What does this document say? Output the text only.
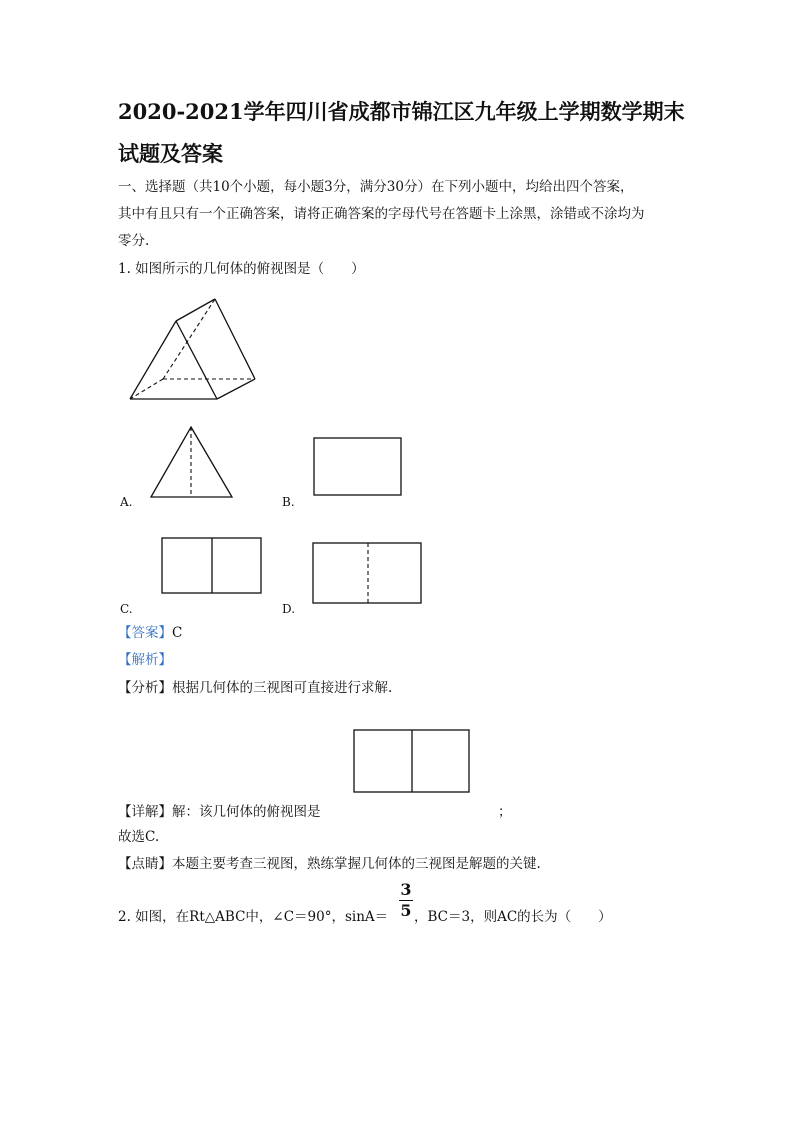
2020-2021学年四川省成都市锦江区九年级上学期数学期末
试题及答案
一、选择题（共10个小题，每小题3分，满分30分）在下列小题中，均给出四个答案，
其中有且只有一个正确答案，请将正确答案的字母代号在答题卡上涂黑，涂错或不涂均为
零分.
1. 如图所示的几何体的俯视图是（　　）
A.	B.
C.	D.
【答案】C
【解析】
【分析】根据几何体的三视图可直接进行求解.
【详解】解：该几何体的俯视图是	；
故选C.
【点睛】本题主要考查三视图，熟练掌握几何体的三视图是解题的关键.
2. 如图，在Rt△ABC中，∠C＝90°，sinA＝
3
5 ，BC＝3，则AC的长为（　　）
